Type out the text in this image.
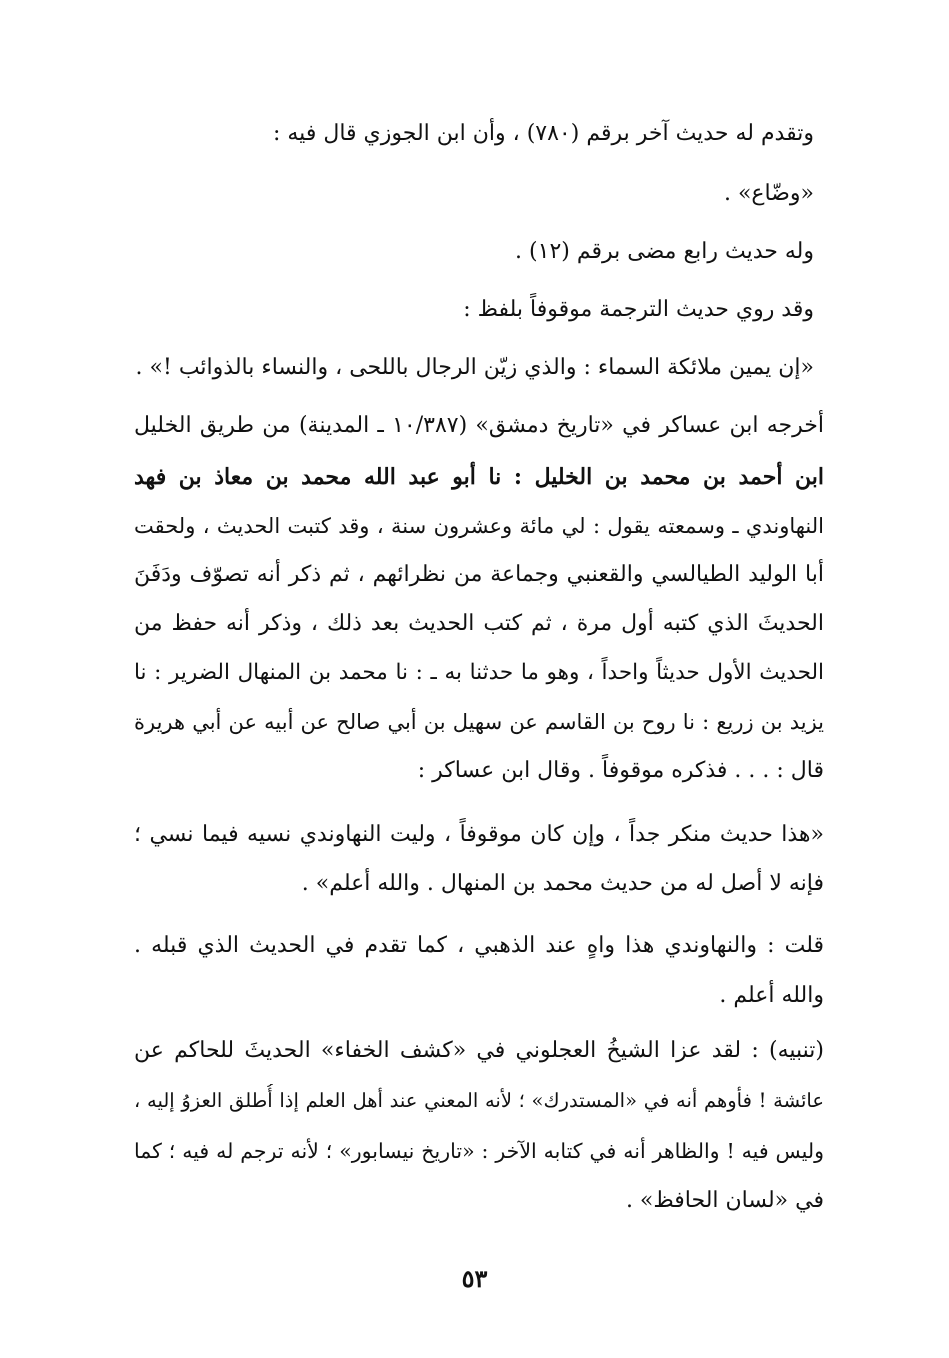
وتقدم له حديث آخر برقم (٧٨٠) ، وأن ابن الجوزي قال فيه :
«وضّاع» .
وله حديث رابع مضى برقم (١٢) .
وقد روي حديث الترجمة موقوفاً بلفظ :
«إن يمين ملائكة السماء : والذي زيّن الرجال باللحى ، والنساء بالذوائب !» .
أخرجه ابن عساكر في «تاريخ دمشق» (١٠/٣٨٧ ـ المدينة) من طريق الخليل
ابن أحمد بن محمد بن الخليل : نا أبو عبد الله محمد بن معاذ بن فهد
النهاوندي ـ وسمعته يقول : لي مائة وعشرون سنة ، وقد كتبت الحديث ، ولحقت
أبا الوليد الطيالسي والقعنبي وجماعة من نظرائهم ، ثم ذكر أنه تصوّف ودَفَنَ
الحديثَ الذي كتبه أول مرة ، ثم كتب الحديث بعد ذلك ، وذكر أنه حفظ من
الحديث الأول حديثاً واحداً ، وهو ما حدثنا به ـ : نا محمد بن المنهال الضرير : نا
يزيد بن زريع : نا روح بن القاسم عن سهيل بن أبي صالح عن أبيه عن أبي هريرة
قال : . . . فذكره موقوفاً . وقال ابن عساكر :
«هذا حديث منكر جداً ، وإن كان موقوفاً ، وليت النهاوندي نسيه فيما نسي ؛
فإنه لا أصل له من حديث محمد بن المنهال . والله أعلم» .
قلت : والنهاوندي هذا واهٍ عند الذهبي ، كما تقدم في الحديث الذي قبله .
والله أعلم .
(تنبيه) : لقد عزا الشيخُ العجلوني في «كشف الخفاء» الحديثَ للحاكم عن
عائشة ! فأوهم أنه في «المستدرك» ؛ لأنه المعني عند أهل العلم إذا أُطلق العزوُ إليه ،
وليس فيه ! والظاهر أنه في كتابه الآخر : «تاريخ نيسابور» ؛ لأنه ترجم له فيه ؛ كما
في «لسان الحافظ» .
٥٣
